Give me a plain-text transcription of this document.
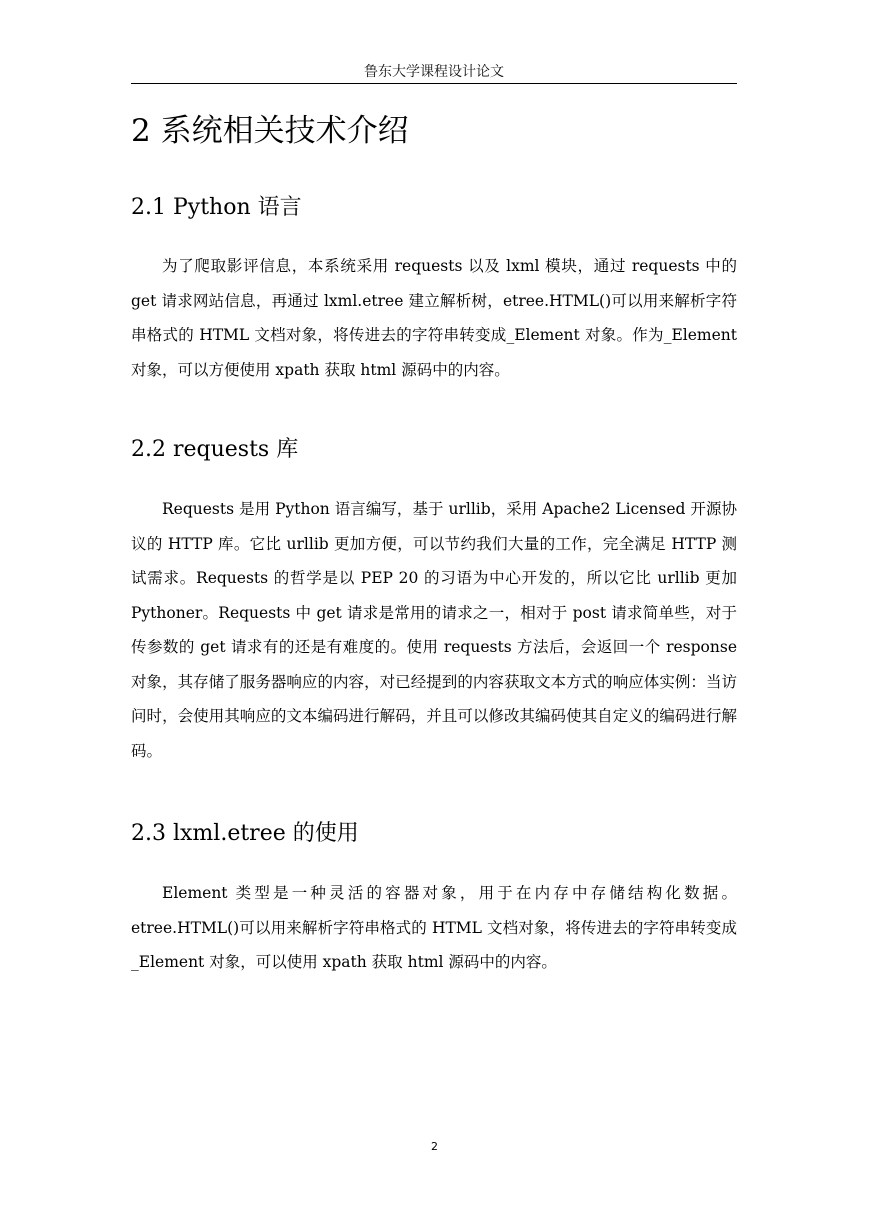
鲁东大学课程设计论文
2 系统相关技术介绍
2.1 Python 语言

为了爬取影评信息，本系统采用 requests 以及 lxml 模块，通过 requests 中的 get 请求网站信息，再通过 lxml.etree 建立解析树，etree.HTML()可以用来解析字符串格式的 HTML 文档对象，将传进去的字符串转变成_Element 对象。作为_Element 对象，可以方便使用 xpath 获取 html 源码中的内容。

2.2 requests 库

Requests 是用 Python 语言编写，基于 urllib，采用 Apache2 Licensed 开源协议的 HTTP 库。它比 urllib 更加方便，可以节约我们大量的工作，完全满足 HTTP 测试需求。Requests 的哲学是以 PEP 20 的习语为中心开发的，所以它比 urllib 更加 Pythoner。Requests 中 get 请求是常用的请求之一，相对于 post 请求简单些，对于传参数的 get 请求有的还是有难度的。使用 requests 方法后，会返回一个 response 对象，其存储了服务器响应的内容，对已经提到的内容获取文本方式的响应体实例：当访问时，会使用其响应的文本编码进行解码，并且可以修改其编码使其自定义的编码进行解码。

2.3 lxml.etree 的使用

Element 类型是一种灵活的容器对象，用于在内存中存储结构化数据。etree.HTML()可以用来解析字符串格式的 HTML 文档对象，将传进去的字符串转变成_Element 对象，可以使用 xpath 获取 html 源码中的内容。

2
